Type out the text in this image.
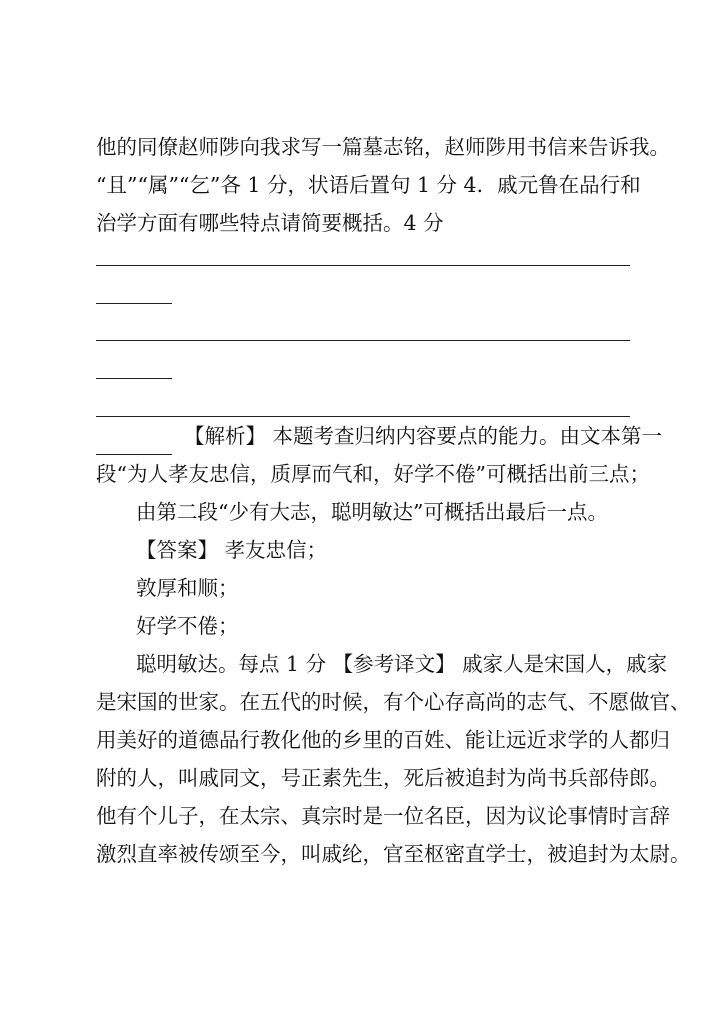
他的同僚赵师陟向我求写一篇墓志铭，赵师陟用书信来告诉我。
“且”“属”“乞”各 1 分，状语后置句 1 分 4．戚元鲁在品行和
治学方面有哪些特点请简要概括。4 分
【解析】 本题考查归纳内容要点的能力。由文本第一
段“为人孝友忠信，质厚而气和，好学不倦”可概括出前三点；
由第二段“少有大志，聪明敏达”可概括出最后一点。
【答案】 孝友忠信；
敦厚和顺；
好学不倦；
聪明敏达。每点 1 分 【参考译文】 戚家人是宋国人，戚家
是宋国的世家。在五代的时候，有个心存高尚的志气、不愿做官、
用美好的道德品行教化他的乡里的百姓、能让远近求学的人都归
附的人，叫戚同文，号正素先生，死后被追封为尚书兵部侍郎。
他有个儿子，在太宗、真宗时是一位名臣，因为议论事情时言辞
激烈直率被传颂至今，叫戚纶，官至枢密直学士，被追封为太尉。
